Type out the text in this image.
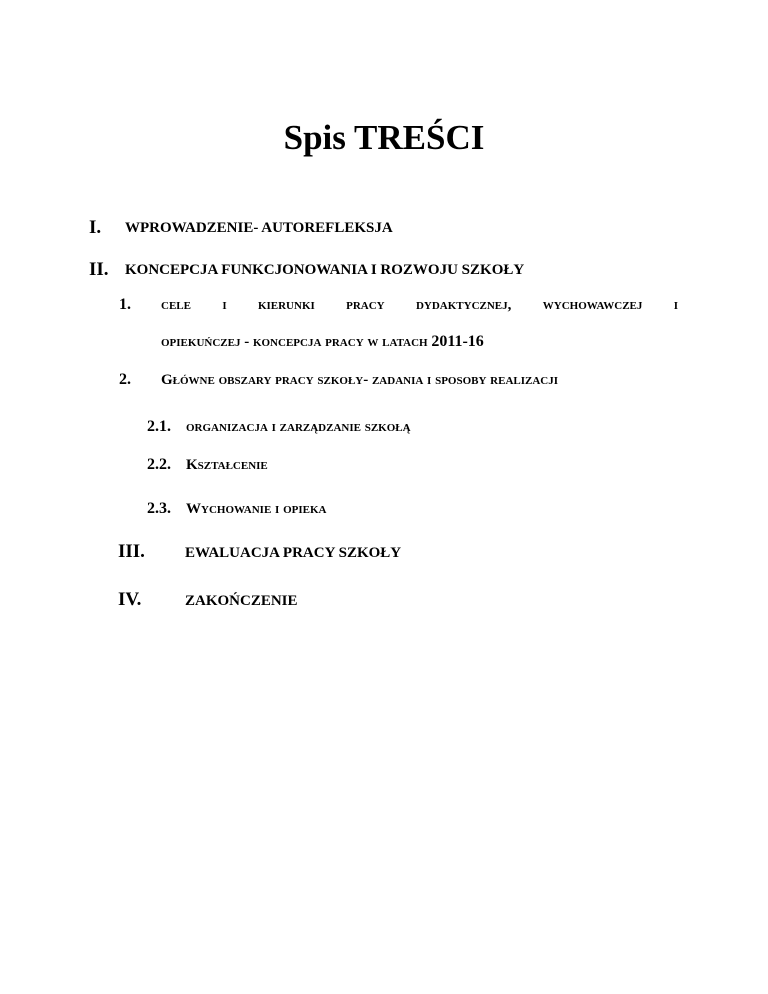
Spis TREŚCI
I. WPROWADZENIE- AUTOREFLEKSJA
II. KONCEPCJA FUNKCJONOWANIA I ROZWOJU SZKOŁY
1. cele i kierunki pracy dydaktycznej, wychowawczej i
opiekuńczej - koncepcja pracy w latach 2011-16
2. Główne obszary pracy szkoły- zadania i sposoby realizacji
2.1. organizacja i zarządzanie szkołą
2.2. Kształcenie
2.3. Wychowanie i opieka
III.	EWALUACJA PRACY SZKOŁY
IV.	ZAKOŃCZENIE
